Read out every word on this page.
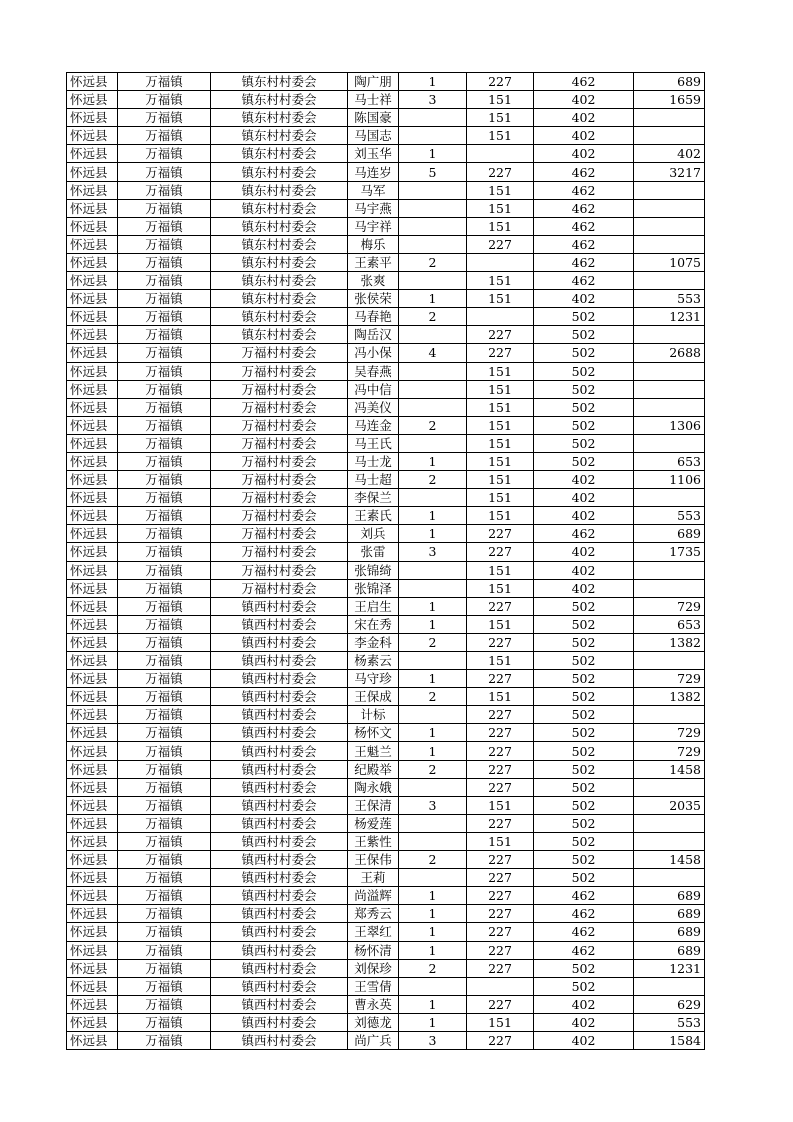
怀远县	万福镇	镇东村村委会	陶广朋	1	227	462	689
怀远县	万福镇	镇东村村委会	马士祥	3	151	402	1659
怀远县	万福镇	镇东村村委会	陈国豪		151	402	
怀远县	万福镇	镇东村村委会	马国志		151	402	
怀远县	万福镇	镇东村村委会	刘玉华	1		402	402
怀远县	万福镇	镇东村村委会	马连岁	5	227	462	3217
怀远县	万福镇	镇东村村委会	马军		151	462	
怀远县	万福镇	镇东村村委会	马宇燕		151	462	
怀远县	万福镇	镇东村村委会	马宇祥		151	462	
怀远县	万福镇	镇东村村委会	梅乐		227	462	
怀远县	万福镇	镇东村村委会	王素平	2		462	1075
怀远县	万福镇	镇东村村委会	张爽		151	462	
怀远县	万福镇	镇东村村委会	张侯荣	1	151	402	553
怀远县	万福镇	镇东村村委会	马春艳	2		502	1231
怀远县	万福镇	镇东村村委会	陶岳汉		227	502	
怀远县	万福镇	万福村村委会	冯小保	4	227	502	2688
怀远县	万福镇	万福村村委会	吴春燕		151	502	
怀远县	万福镇	万福村村委会	冯中信		151	502	
怀远县	万福镇	万福村村委会	冯美仪		151	502	
怀远县	万福镇	万福村村委会	马连金	2	151	502	1306
怀远县	万福镇	万福村村委会	马王氏		151	502	
怀远县	万福镇	万福村村委会	马士龙	1	151	502	653
怀远县	万福镇	万福村村委会	马士超	2	151	402	1106
怀远县	万福镇	万福村村委会	李保兰		151	402	
怀远县	万福镇	万福村村委会	王素氏	1	151	402	553
怀远县	万福镇	万福村村委会	刘兵	1	227	462	689
怀远县	万福镇	万福村村委会	张雷	3	227	402	1735
怀远县	万福镇	万福村村委会	张锦绮		151	402	
怀远县	万福镇	万福村村委会	张锦泽		151	402	
怀远县	万福镇	镇西村村委会	王启生	1	227	502	729
怀远县	万福镇	镇西村村委会	宋在秀	1	151	502	653
怀远县	万福镇	镇西村村委会	李金科	2	227	502	1382
怀远县	万福镇	镇西村村委会	杨素云		151	502	
怀远县	万福镇	镇西村村委会	马守珍	1	227	502	729
怀远县	万福镇	镇西村村委会	王保成	2	151	502	1382
怀远县	万福镇	镇西村村委会	计标		227	502	
怀远县	万福镇	镇西村村委会	杨怀文	1	227	502	729
怀远县	万福镇	镇西村村委会	王魁兰	1	227	502	729
怀远县	万福镇	镇西村村委会	纪殿举	2	227	502	1458
怀远县	万福镇	镇西村村委会	陶永娥		227	502	
怀远县	万福镇	镇西村村委会	王保清	3	151	502	2035
怀远县	万福镇	镇西村村委会	杨爱莲		227	502	
怀远县	万福镇	镇西村村委会	王紫性		151	502	
怀远县	万福镇	镇西村村委会	王保伟	2	227	502	1458
怀远县	万福镇	镇西村村委会	王莉		227	502	
怀远县	万福镇	镇西村村委会	尚溢辉	1	227	462	689
怀远县	万福镇	镇西村村委会	郑秀云	1	227	462	689
怀远县	万福镇	镇西村村委会	王翠红	1	227	462	689
怀远县	万福镇	镇西村村委会	杨怀清	1	227	462	689
怀远县	万福镇	镇西村村委会	刘保珍	2	227	502	1231
怀远县	万福镇	镇西村村委会	王雪倩			502	
怀远县	万福镇	镇西村村委会	曹永英	1	227	402	629
怀远县	万福镇	镇西村村委会	刘德龙	1	151	402	553
怀远县	万福镇	镇西村村委会	尚广兵	3	227	402	1584
